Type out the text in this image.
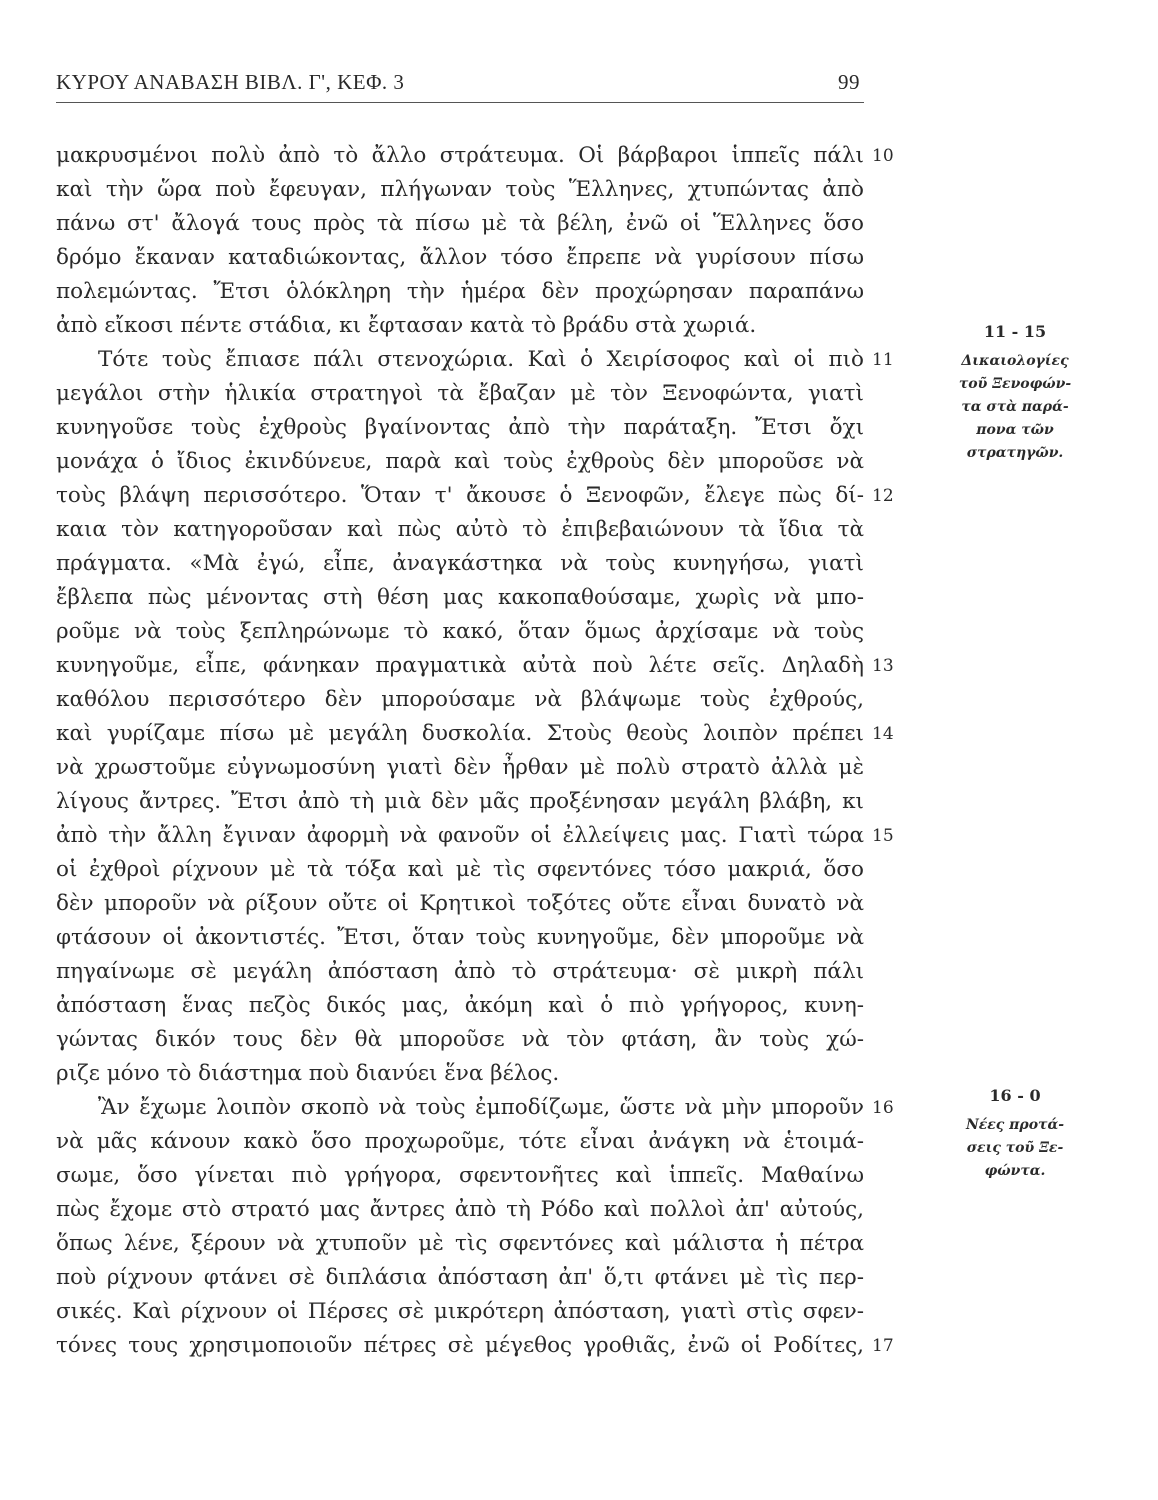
ΚΥΡΟΥ ΑΝΑΒΑΣΗ ΒΙΒΛ. Γ', ΚΕΦ. 3	99
μακρυσμένοι πολὺ ἀπὸ τὸ ἄλλο στράτευμα. Οἱ βάρβαροι ἱππεῖς πάλι
καὶ τὴν ὥρα ποὺ ἔφευγαν, πλήγωναν τοὺς Ἕλληνες, χτυπώντας ἀπὸ
πάνω στ' ἄλογά τους πρὸς τὰ πίσω μὲ τὰ βέλη, ἐνῶ οἱ Ἕλληνες ὅσο
δρόμο ἔκαναν καταδιώκοντας, ἄλλον τόσο ἔπρεπε νὰ γυρίσουν πίσω
πολεμώντας. Ἔτσι ὁλόκληρη τὴν ἡμέρα δὲν προχώρησαν παραπάνω
ἀπὸ εἴκοσι πέντε στάδια, κι ἔφτασαν κατὰ τὸ βράδυ στὰ χωριά.
Τότε τοὺς ἔπιασε πάλι στενοχώρια. Καὶ ὁ Χειρίσοφος καὶ οἱ πιὸ
μεγάλοι στὴν ἡλικία στρατηγοὶ τὰ ἔβαζαν μὲ τὸν Ξενοφώντα, γιατὶ
κυνηγοῦσε τοὺς ἐχθροὺς βγαίνοντας ἀπὸ τὴν παράταξη. Ἔτσι ὄχι
μονάχα ὁ ἴδιος ἐκινδύνευε, παρὰ καὶ τοὺς ἐχθροὺς δὲν μποροῦσε νὰ
τοὺς βλάψη περισσότερο. Ὅταν τ' ἄκουσε ὁ Ξενοφῶν, ἔλεγε πὼς δί-
καια τὸν κατηγοροῦσαν καὶ πὼς αὐτὸ τὸ ἐπιβεβαιώνουν τὰ ἴδια τὰ
πράγματα. «Μὰ ἐγώ, εἶπε, ἀναγκάστηκα νὰ τοὺς κυνηγήσω, γιατὶ
ἔβλεπα πὼς μένοντας στὴ θέση μας κακοπαθούσαμε, χωρὶς νὰ μπο-
ροῦμε νὰ τοὺς ξεπληρώνωμε τὸ κακό, ὅταν ὅμως ἀρχίσαμε νὰ τοὺς
κυνηγοῦμε, εἶπε, φάνηκαν πραγματικὰ αὐτὰ ποὺ λέτε σεῖς. Δηλαδὴ
καθόλου περισσότερο δὲν μπορούσαμε νὰ βλάψωμε τοὺς ἐχθρούς,
καὶ γυρίζαμε πίσω μὲ μεγάλη δυσκολία. Στοὺς θεοὺς λοιπὸν πρέπει
νὰ χρωστοῦμε εὐγνωμοσύνη γιατὶ δὲν ἦρθαν μὲ πολὺ στρατὸ ἀλλὰ μὲ
λίγους ἄντρες. Ἔτσι ἀπὸ τὴ μιὰ δὲν μᾶς προξένησαν μεγάλη βλάβη, κι
ἀπὸ τὴν ἄλλη ἔγιναν ἀφορμὴ νὰ φανοῦν οἱ ἐλλείψεις μας. Γιατὶ τώρα
οἱ ἐχθροὶ ρίχνουν μὲ τὰ τόξα καὶ μὲ τὶς σφεντόνες τόσο μακριά, ὅσο
δὲν μποροῦν νὰ ρίξουν οὔτε οἱ Κρητικοὶ τοξότες οὔτε εἶναι δυνατὸ νὰ
φτάσουν οἱ ἀκοντιστές. Ἔτσι, ὅταν τοὺς κυνηγοῦμε, δὲν μποροῦμε νὰ
πηγαίνωμε σὲ μεγάλη ἀπόσταση ἀπὸ τὸ στράτευμα· σὲ μικρὴ πάλι
ἀπόσταση ἕνας πεζὸς δικός μας, ἀκόμη καὶ ὁ πιὸ γρήγορος, κυνη-
γώντας δικόν τους δὲν θὰ μποροῦσε νὰ τὸν φτάση, ἂν τοὺς χώ-
ριζε μόνο τὸ διάστημα ποὺ διανύει ἕνα βέλος.
Ἂν ἔχωμε λοιπὸν σκοπὸ νὰ τοὺς ἐμποδίζωμε, ὥστε νὰ μὴν μποροῦν
νὰ μᾶς κάνουν κακὸ ὅσο προχωροῦμε, τότε εἶναι ἀνάγκη νὰ ἑτοιμά-
σωμε, ὅσο γίνεται πιὸ γρήγορα, σφεντονῆτες καὶ ἱππεῖς. Μαθαίνω
πὼς ἔχομε στὸ στρατό μας ἄντρες ἀπὸ τὴ Ρόδο καὶ πολλοὶ ἀπ' αὐτούς,
ὅπως λένε, ξέρουν νὰ χτυποῦν μὲ τὶς σφεντόνες καὶ μάλιστα ἡ πέτρα
ποὺ ρίχνουν φτάνει σὲ διπλάσια ἀπόσταση ἀπ' ὅ,τι φτάνει μὲ τὶς περ-
σικές. Καὶ ρίχνουν οἱ Πέρσες σὲ μικρότερη ἀπόσταση, γιατὶ στὶς σφεν-
τόνες τους χρησιμοποιοῦν πέτρες σὲ μέγεθος γροθιᾶς, ἐνῶ οἱ Ροδίτες,
10
11
12
13
14
15
16
17
11 - 15
Δικαιολογίες
τοῦ Ξενοφών-
τα στὰ παρά-
πονα τῶν
στρατηγῶν.
16 - 0
Νέες προτά-
σεις τοῦ Ξε-
φώντα.
